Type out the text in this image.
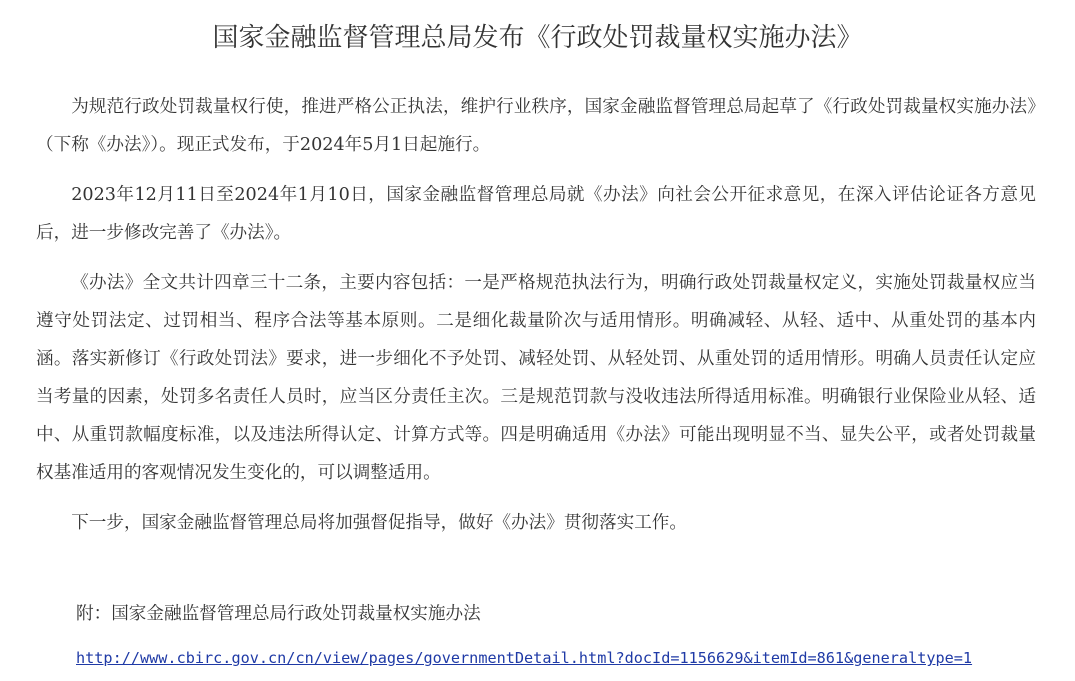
国家金融监督管理总局发布《行政处罚裁量权实施办法》

为规范行政处罚裁量权行使，推进严格公正执法，维护行业秩序，国家金融监督管理总局起草了《行政处罚裁量权实施办法》（下称《办法》）。现正式发布，于2024年5月1日起施行。

2023年12月11日至2024年1月10日，国家金融监督管理总局就《办法》向社会公开征求意见，在深入评估论证各方意见后，进一步修改完善了《办法》。

《办法》全文共计四章三十二条，主要内容包括：一是严格规范执法行为，明确行政处罚裁量权定义，实施处罚裁量权应当遵守处罚法定、过罚相当、程序合法等基本原则。二是细化裁量阶次与适用情形。明确减轻、从轻、适中、从重处罚的基本内涵。落实新修订《行政处罚法》要求，进一步细化不予处罚、减轻处罚、从轻处罚、从重处罚的适用情形。明确人员责任认定应当考量的因素，处罚多名责任人员时，应当区分责任主次。三是规范罚款与没收违法所得适用标准。明确银行业保险业从轻、适中、从重罚款幅度标准，以及违法所得认定、计算方式等。四是明确适用《办法》可能出现明显不当、显失公平，或者处罚裁量权基准适用的客观情况发生变化的，可以调整适用。

下一步，国家金融监督管理总局将加强督促指导，做好《办法》贯彻落实工作。

附：国家金融监督管理总局行政处罚裁量权实施办法

http://www.cbirc.gov.cn/cn/view/pages/governmentDetail.html?docId=1156629&itemId=861&generaltype=1
